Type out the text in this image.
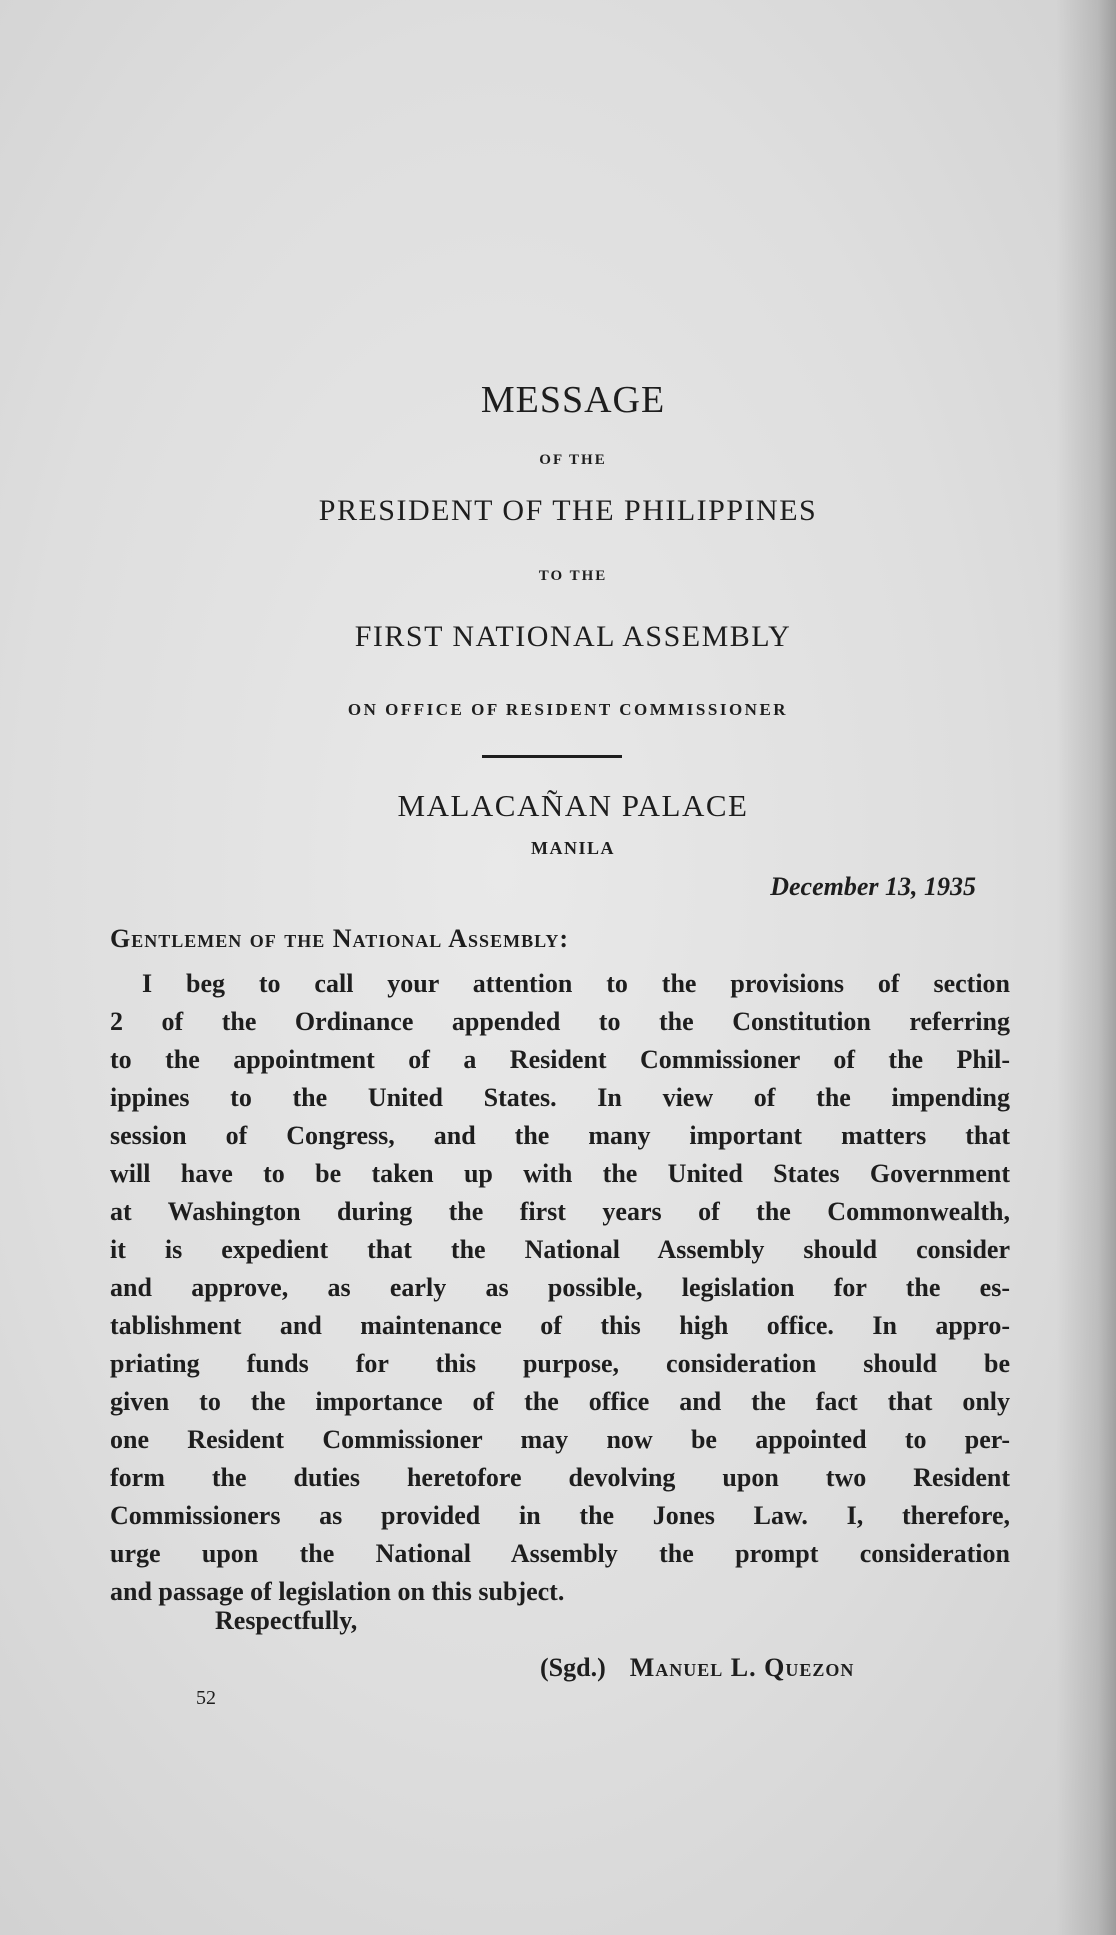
MESSAGE
OF THE
PRESIDENT OF THE PHILIPPINES
TO THE
FIRST NATIONAL ASSEMBLY
ON OFFICE OF RESIDENT COMMISSIONER
MALACAÑAN PALACE
MANILA
December 13, 1935
Gentlemen of the National Assembly:
I beg to call your attention to the provisions of section
2 of the Ordinance appended to the Constitution referring
to the appointment of a Resident Commissioner of the Phil-
ippines to the United States. In view of the impending
session of Congress, and the many important matters that
will have to be taken up with the United States Government
at Washington during the first years of the Commonwealth,
it is expedient that the National Assembly should consider
and approve, as early as possible, legislation for the es-
tablishment and maintenance of this high office. In appro-
priating funds for this purpose, consideration should be
given to the importance of the office and the fact that only
one Resident Commissioner may now be appointed to per-
form the duties heretofore devolving upon two Resident
Commissioners as provided in the Jones Law. I, therefore,
urge upon the National Assembly the prompt consideration
and passage of legislation on this subject.
Respectfully,
(Sgd.) Manuel L. Quezon
52
